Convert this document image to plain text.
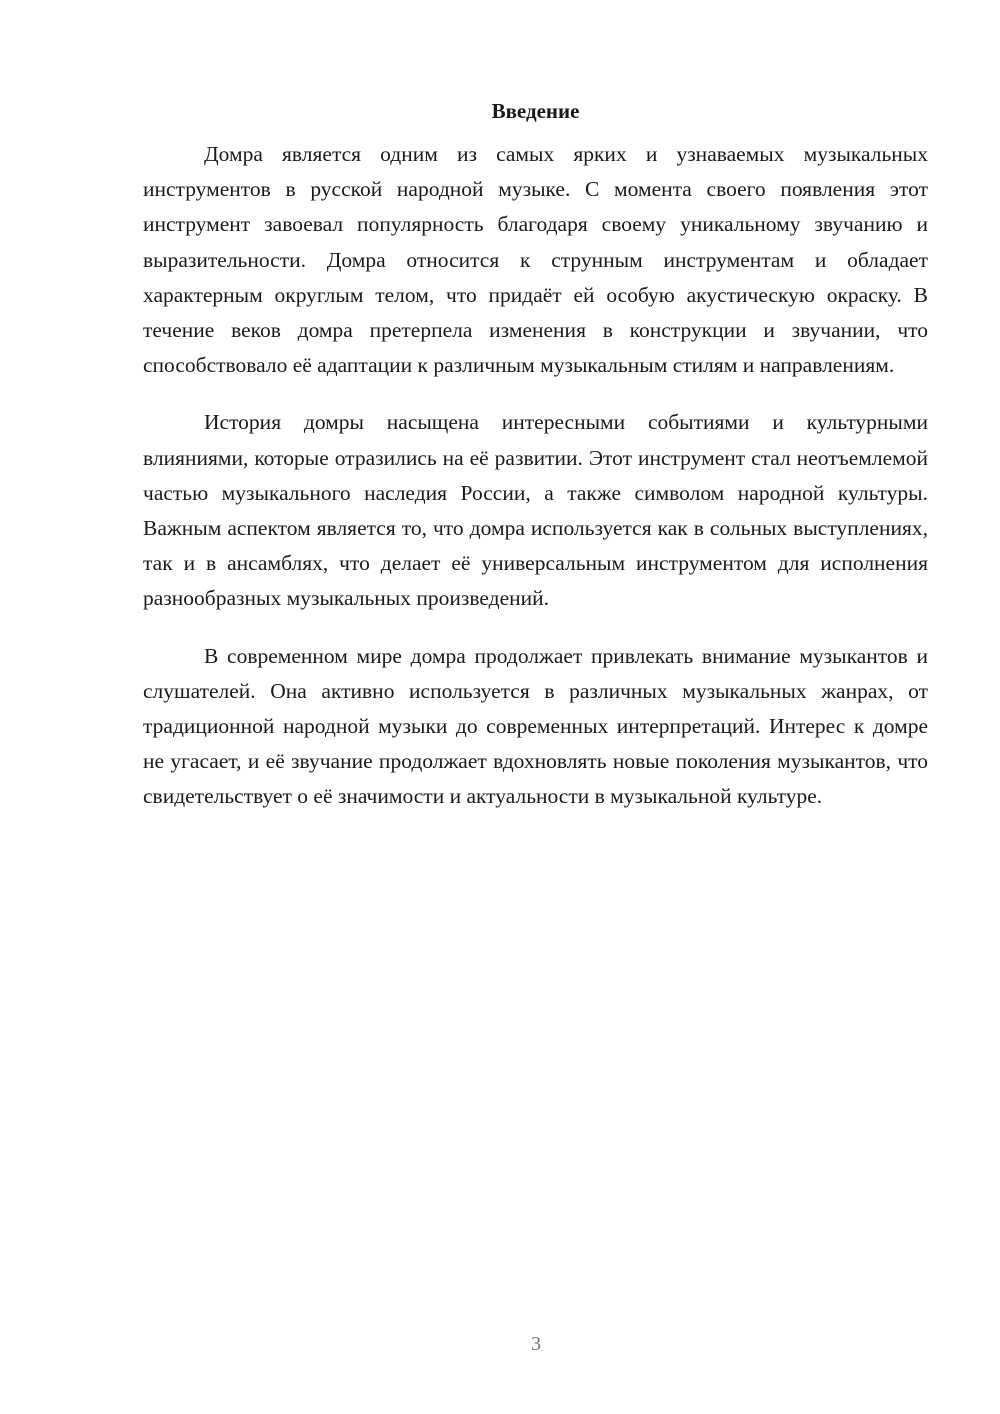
Введение

Домра является одним из самых ярких и узнаваемых музыкальных инструментов в русской народной музыке. С момента своего появления этот инструмент завоевал популярность благодаря своему уникальному звучанию и выразительности. Домра относится к струнным инструментам и обладает характерным округлым телом, что придаёт ей особую акустическую окраску. В течение веков домра претерпела изменения в конструкции и звучании, что способствовало её адаптации к различным музыкальным стилям и направлениям.

История домры насыщена интересными событиями и культурными влияниями, которые отразились на её развитии. Этот инструмент стал неотъемлемой частью музыкального наследия России, а также символом народной культуры. Важным аспектом является то, что домра используется как в сольных выступлениях, так и в ансамблях, что делает её универсальным инструментом для исполнения разнообразных музыкальных произведений.

В современном мире домра продолжает привлекать внимание музыкантов и слушателей. Она активно используется в различных музыкальных жанрах, от традиционной народной музыки до современных интерпретаций. Интерес к домре не угасает, и её звучание продолжает вдохновлять новые поколения музыкантов, что свидетельствует о её значимости и актуальности в музыкальной культуре.

3
